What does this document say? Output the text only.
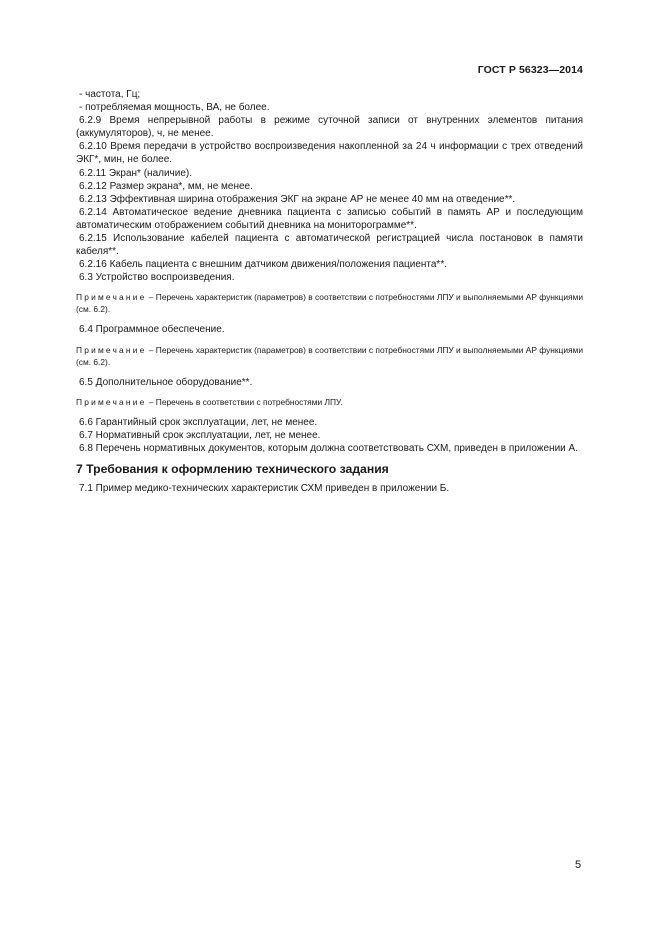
ГОСТ Р 56323—2014

- частота, Гц;

- потребляемая мощность, ВА, не более.

6.2.9 Время непрерывной работы в режиме суточной записи от внутренних элементов питания (аккумуляторов), ч, не менее.

6.2.10 Время передачи в устройство воспроизведения накопленной за 24 ч информации с трех отведений ЭКГ*, мин, не более.

6.2.11 Экран* (наличие).

6.2.12 Размер экрана*, мм, не менее.

6.2.13 Эффективная ширина отображения ЭКГ на экране АР не менее 40 мм на отведение**.

6.2.14 Автоматическое ведение дневника пациента с записью событий в память АР и последующим автоматическим отображением событий дневника на мониторограмме**.

6.2.15 Использование кабелей пациента с автоматической регистрацией числа постановок в памяти кабеля**.

6.2.16 Кабель пациента с внешним датчиком движения/положения пациента**.

6.3 Устройство воспроизведения.

Примечание – Перечень характеристик (параметров) в соответствии с потребностями ЛПУ и выполняемыми АР функциями (см. 6.2).

6.4 Программное обеспечение.

Примечание – Перечень характеристик (параметров) в соответствии с потребностями ЛПУ и выполняемыми АР функциями (см. 6.2).

6.5 Дополнительное оборудование**.

Примечание – Перечень в соответствии с потребностями ЛПУ.

6.6 Гарантийный срок эксплуатации, лет, не менее.

6.7 Нормативный срок эксплуатации, лет, не менее.

6.8 Перечень нормативных документов, которым должна соответствовать СХМ, приведен в приложении А.

7 Требования к оформлению технического задания

7.1 Пример медико-технических характеристик СХМ приведен в приложении Б.

5
